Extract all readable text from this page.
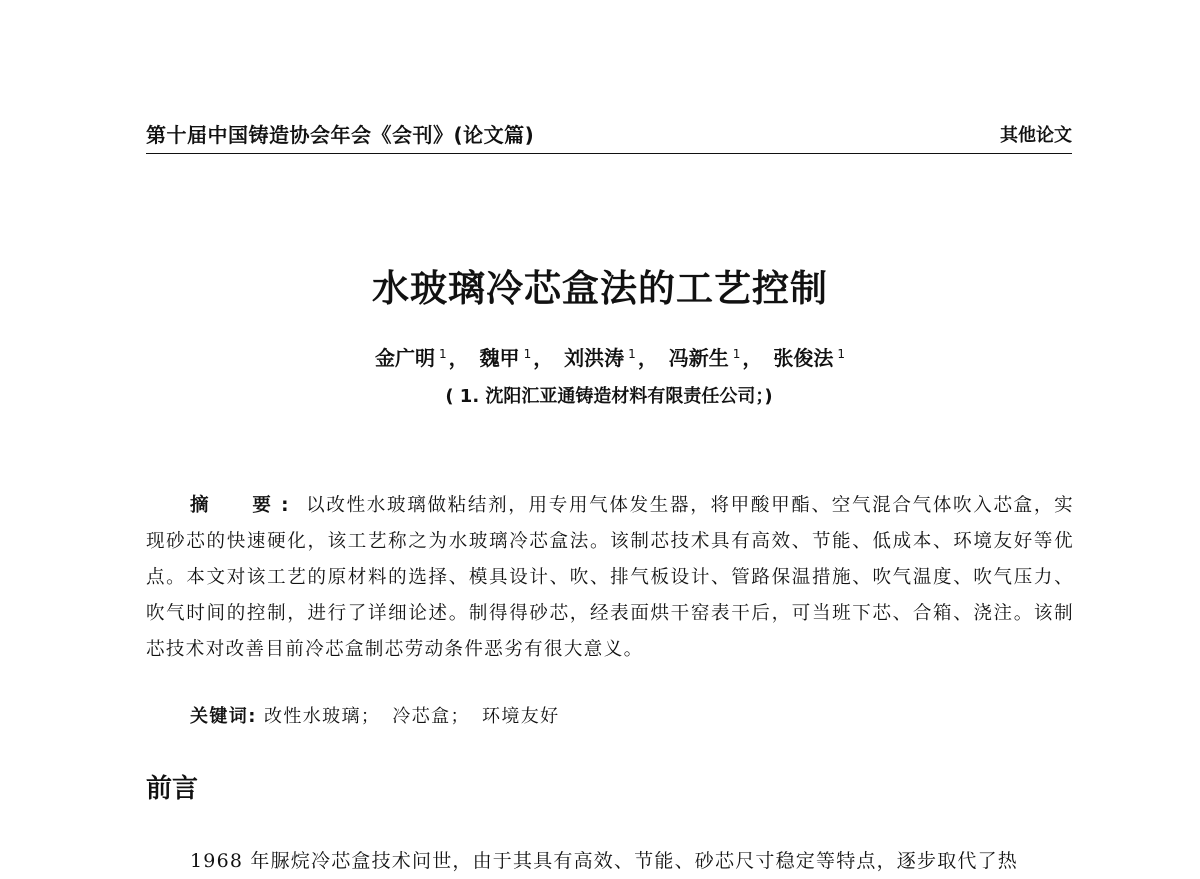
第十届中国铸造协会年会《会刊》(论文篇)	其他论文
水玻璃冷芯盒法的工艺控制
金广明 $^1$ ， 魏甲 $^1$ ， 刘洪涛 $^1$ ， 冯新生 $^1$ ， 张俊法 $^1$
( 1. 沈阳汇亚通铸造材料有限责任公司；)

摘  要: 以改性水玻璃做粘结剂，用专用气体发生器，将甲酸甲酯、空气混合气体吹入芯盒，实现砂芯的快速硬化，该工艺称之为水玻璃冷芯盒法。该制芯技术具有高效、节能、低成本、环境友好等优点。本文对该工艺的原材料的选择、模具设计、吹、排气板设计、管路保温措施、吹气温度、吹气压力、吹气时间的控制，进行了详细论述。制得得砂芯，经表面烘干窑表干后，可当班下芯、合箱、浇注。该制芯技术对改善目前冷芯盒制芯劳动条件恶劣有很大意义。

关键词: 改性水玻璃； 冷芯盒； 环境友好
前言
1968 年脲烷冷芯盒技术问世，由于其具有高效、节能、砂芯尺寸稳定等特点，逐步取代了热
